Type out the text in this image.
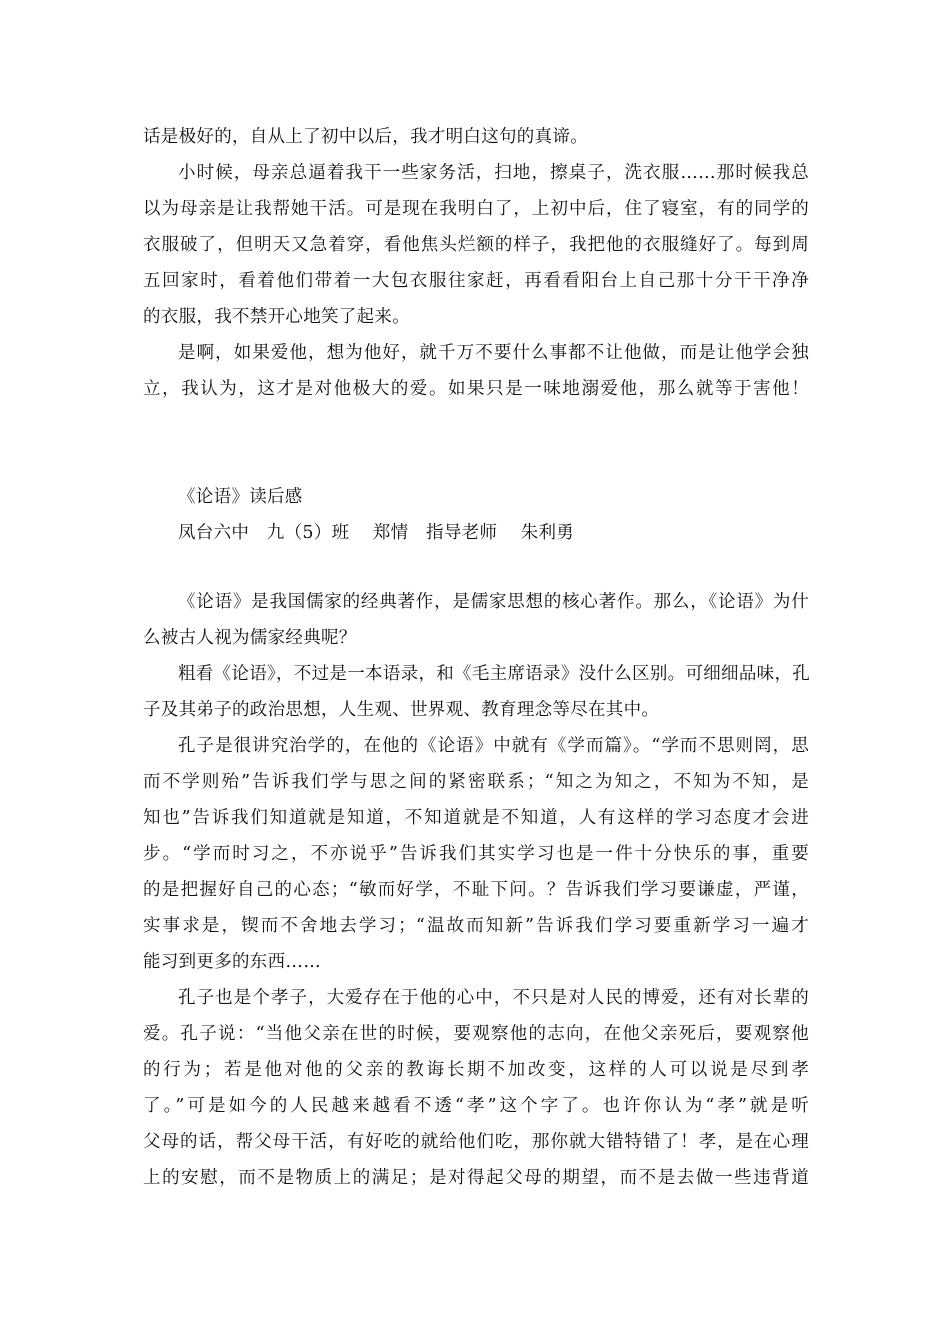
话是极好的，自从上了初中以后，我才明白这句的真谛。
小时候，母亲总逼着我干一些家务活，扫地，擦桌子，洗衣服……那时候我总
以为母亲是让我帮她干活。可是现在我明白了，上初中后，住了寝室，有的同学的
衣服破了，但明天又急着穿，看他焦头烂额的样子，我把他的衣服缝好了。每到周
五回家时，看着他们带着一大包衣服往家赶，再看看阳台上自己那十分干干净净
的衣服，我不禁开心地笑了起来。
是啊，如果爱他，想为他好，就千万不要什么事都不让他做，而是让他学会独
立，我认为，这才是对他极大的爱。如果只是一味地溺爱他，那么就等于害他！
《论语》读后感
凤台六中   九（5）班    郑情   指导老师    朱利勇
《论语》是我国儒家的经典著作，是儒家思想的核心著作。那么，《论语》为什
么被古人视为儒家经典呢？
粗看《论语》，不过是一本语录，和《毛主席语录》没什么区别。可细细品味，孔
子及其弟子的政治思想，人生观、世界观、教育理念等尽在其中。
孔子是很讲究治学的，在他的《论语》中就有《学而篇》。“学而不思则罔，思
而不学则殆”告诉我们学与思之间的紧密联系；“知之为知之，不知为不知，是
知也”告诉我们知道就是知道，不知道就是不知道，人有这样的学习态度才会进
步。“学而时习之，不亦说乎”告诉我们其实学习也是一件十分快乐的事，重要
的是把握好自己的心态；“敏而好学，不耻下问。？告诉我们学习要谦虚，严谨，
实事求是，锲而不舍地去学习；“温故而知新”告诉我们学习要重新学习一遍才
能习到更多的东西……
孔子也是个孝子，大爱存在于他的心中，不只是对人民的博爱，还有对长辈的
爱。孔子说：“当他父亲在世的时候，要观察他的志向，在他父亲死后，要观察他
的行为；若是他对他的父亲的教诲长期不加改变，这样的人可以说是尽到孝
了。”可是如今的人民越来越看不透“孝”这个字了。也许你认为“孝”就是听
父母的话，帮父母干活，有好吃的就给他们吃，那你就大错特错了！孝，是在心理
上的安慰，而不是物质上的满足；是对得起父母的期望，而不是去做一些违背道
